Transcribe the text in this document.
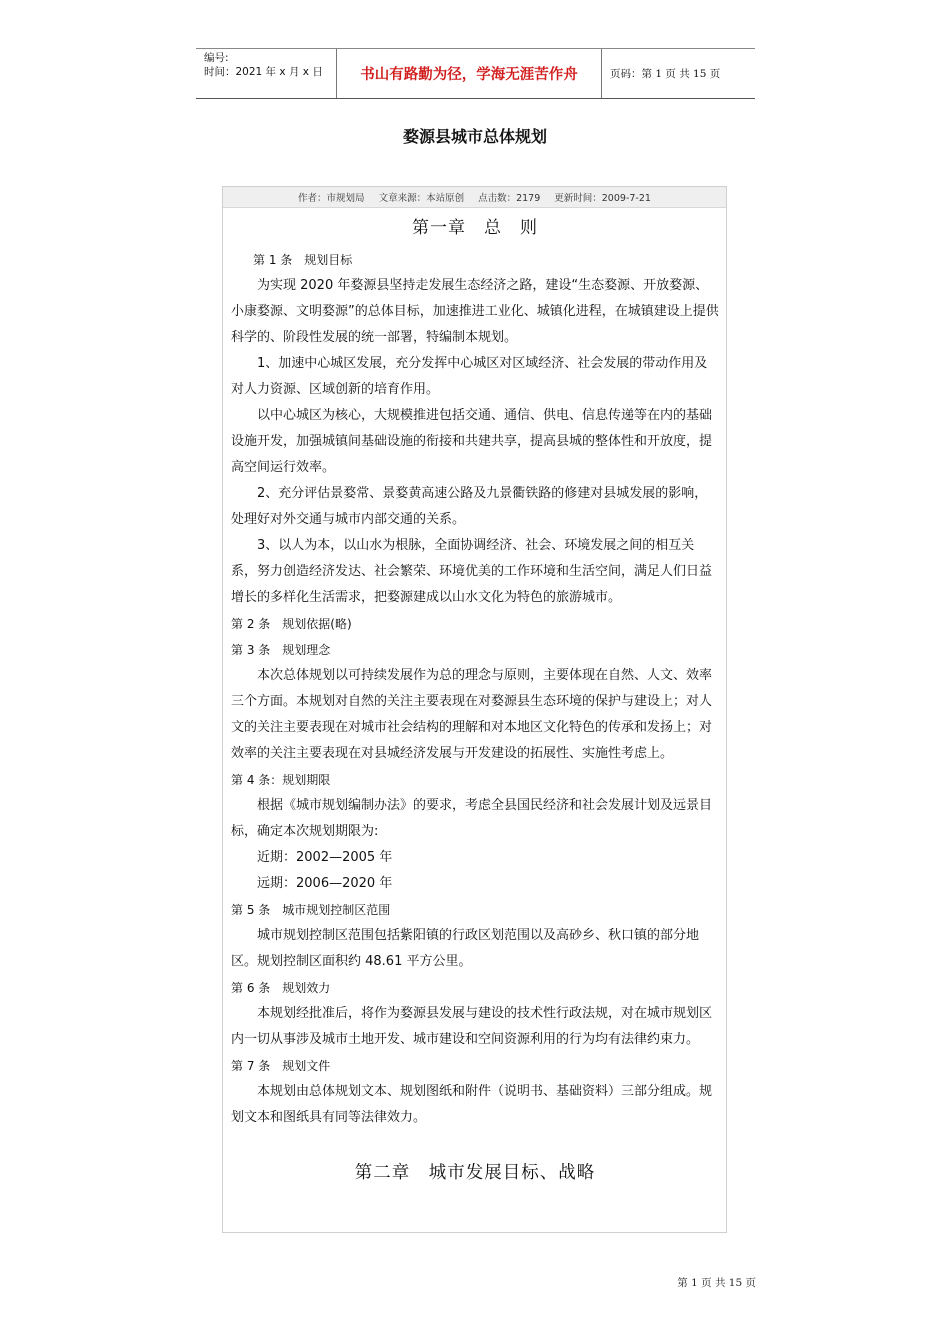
编号:
时间：2021 年 x 月 x 日	书山有路勤为径，学海无涯苦作舟	页码：第 1 页 共 15 页
婺源县城市总体规划
作者：市规划局 文章来源：本站原创 点击数：2179 更新时间：2009-7-21
第一章　总　则
第 1 条　规划目标

为实现 2020 年婺源县坚持走发展生态经济之路，建设“生态婺源、开放婺源、小康婺源、文明婺源”的总体目标，加速推进工业化、城镇化进程，在城镇建设上提供科学的、阶段性发展的统一部署，特编制本规划。

1、加速中心城区发展，充分发挥中心城区对区域经济、社会发展的带动作用及对人力资源、区域创新的培育作用。

以中心城区为核心，大规模推进包括交通、通信、供电、信息传递等在内的基础设施开发，加强城镇间基础设施的衔接和共建共享，提高县城的整体性和开放度，提高空间运行效率。

2、充分评估景婺常、景婺黄高速公路及九景衢铁路的修建对县城发展的影响，处理好对外交通与城市内部交通的关系。

3、以人为本，以山水为根脉，全面协调经济、社会、环境发展之间的相互关系，努力创造经济发达、社会繁荣、环境优美的工作环境和生活空间，满足人们日益增长的多样化生活需求，把婺源建成以山水文化为特色的旅游城市。

第 2 条　规划依据(略)
第 3 条　规划理念

本次总体规划以可持续发展作为总的理念与原则，主要体现在自然、人文、效率三个方面。本规划对自然的关注主要表现在对婺源县生态环境的保护与建设上；对人文的关注主要表现在对城市社会结构的理解和对本地区文化特色的传承和发扬上；对效率的关注主要表现在对县城经济发展与开发建设的拓展性、实施性考虑上。

第 4 条：规划期限

根据《城市规划编制办法》的要求，考虑全县国民经济和社会发展计划及远景目标，确定本次规划期限为:

近期：2002—2005 年

远期：2006—2020 年

第 5 条　城市规划控制区范围

城市规划控制区范围包括紫阳镇的行政区划范围以及高砂乡、秋口镇的部分地区。规划控制区面积约 48.61 平方公里。

第 6 条　规划效力

本规划经批准后，将作为婺源县发展与建设的技术性行政法规，对在城市规划区内一切从事涉及城市土地开发、城市建设和空间资源利用的行为均有法律约束力。

第 7 条　规划文件

本规划由总体规划文本、规划图纸和附件（说明书、基础资料）三部分组成。规划文本和图纸具有同等法律效力。

第二章　城市发展目标、战略
第 1 页 共 15 页
